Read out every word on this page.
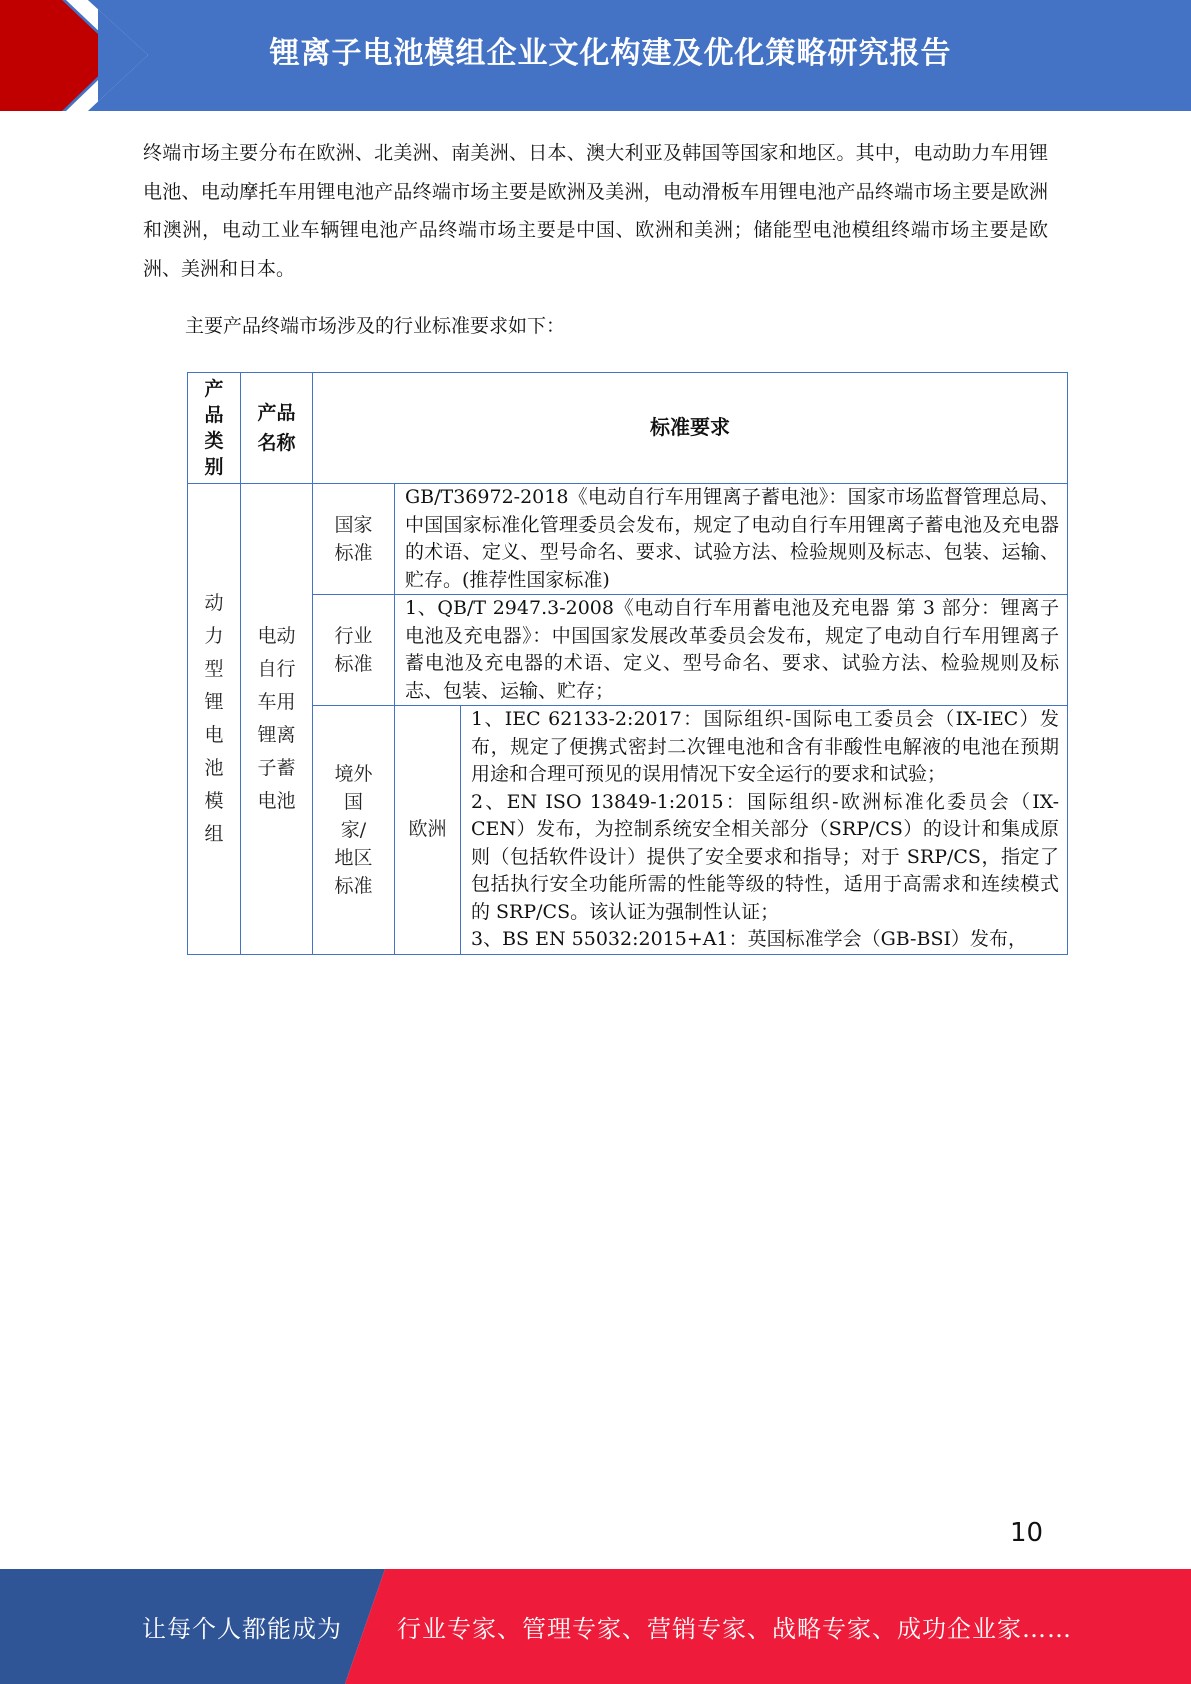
锂离子电池模组企业文化构建及优化策略研究报告
终端市场主要分布在欧洲、北美洲、南美洲、日本、澳大利亚及韩国等国家和地区。其中，电动助力车用锂电池、电动摩托车用锂电池产品终端市场主要是欧洲及美洲，电动滑板车用锂电池产品终端市场主要是欧洲和澳洲，电动工业车辆锂电池产品终端市场主要是中国、欧洲和美洲；储能型电池模组终端市场主要是欧洲、美洲和日本。
主要产品终端市场涉及的行业标准要求如下：
产品类别	产品名称	标准要求		

动力型锂电池模组	电动自行车用锂离子蓄电池	国家标准	GB/T36972-2018《电动自行车用锂离子蓄电池》：国家市场监督管理总局、中国国家标准化管理委员会发布，规定了电动自行车用锂离子蓄电池及充电器的术语、定义、型号命名、要求、试验方法、检验规则及标志、包装、运输、贮存。(推荐性国家标准)	

		行业标准	1、QB/T 2947.3-2008《电动自行车用蓄电池及充电器 第 3 部分：锂离子电池及充电器》：中国国家发展改革委员会发布，规定了电动自行车用锂离子蓄电池及充电器的术语、定义、型号命名、要求、试验方法、检验规则及标志、包装、运输、贮存；	

		境外国家/地区标准	欧洲	1、IEC 62133-2:2017：国际组织-国际电工委员会（IX-IEC）发布，规定了便携式密封二次锂电池和含有非酸性电解液的电池在预期用途和合理可预见的误用情况下安全运行的要求和试验；
2、EN ISO 13849-1:2015：国际组织-欧洲标准化委员会（IX-CEN）发布，为控制系统安全相关部分（SRP/CS）的设计和集成原则（包括软件设计）提供了安全要求和指导；对于 SRP/CS，指定了包括执行安全功能所需的性能等级的特性，适用于高需求和连续模式的 SRP/CS。该认证为强制性认证；
3、BS EN 55032:2015+A1：英国标准学会（GB-BSI）发布，
10
让每个人都能成为 行业专家、管理专家、营销专家、战略专家、成功企业家……
